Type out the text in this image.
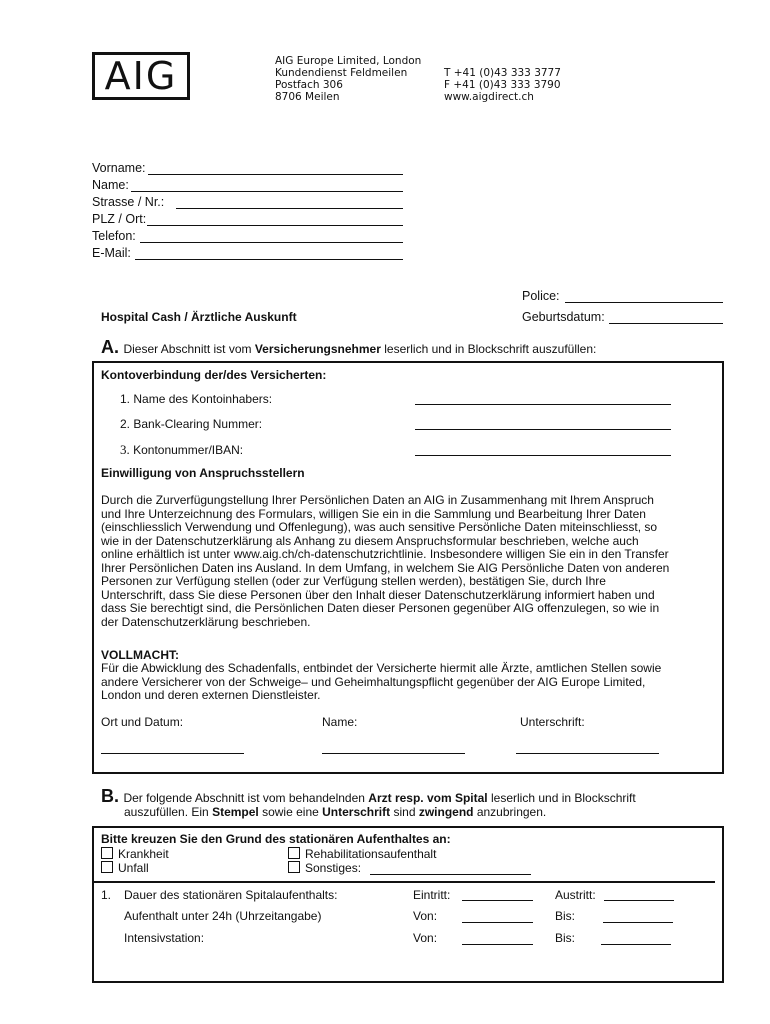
AIG	AIG Europe Limited, London
Kundendienst Feldmeilen
Postfach 306
8706 Meilen
T +41 (0)43 333 3777
F +41 (0)43 333 3790
www.aigdirect.ch
Vorname:
Name:
Strasse / Nr.:
PLZ / Ort:
Telefon:
E-Mail:
Police:
Hospital Cash / Ärztliche Auskunft	Geburtsdatum:
A. Dieser Abschnitt ist vom Versicherungsnehmer leserlich und in Blockschrift auszufüllen:
Kontoverbindung der/des Versicherten:
1. Name des Kontoinhabers:
2. Bank-Clearing Nummer:
3. Kontonummer/IBAN:
Einwilligung von Anspruchsstellern
Durch die Zurverfügungstellung Ihrer Persönlichen Daten an AIG in Zusammenhang mit Ihrem Anspruch
und Ihre Unterzeichnung des Formulars, willigen Sie ein in die Sammlung und Bearbeitung Ihrer Daten
(einschliesslich Verwendung und Offenlegung), was auch sensitive Persönliche Daten miteinschliesst, so
wie in der Datenschutzerklärung als Anhang zu diesem Anspruchsformular beschrieben, welche auch
online erhältlich ist unter www.aig.ch/ch-datenschutzrichtlinie. Insbesondere willigen Sie ein in den Transfer
Ihrer Persönlichen Daten ins Ausland. In dem Umfang, in welchem Sie AIG Persönliche Daten von anderen
Personen zur Verfügung stellen (oder zur Verfügung stellen werden), bestätigen Sie, durch Ihre
Unterschrift, dass Sie diese Personen über den Inhalt dieser Datenschutzerklärung informiert haben und
dass Sie berechtigt sind, die Persönlichen Daten dieser Personen gegenüber AIG offenzulegen, so wie in
der Datenschutzerklärung beschrieben.
VOLLMACHT:
Für die Abwicklung des Schadenfalls, entbindet der Versicherte hiermit alle Ärzte, amtlichen Stellen sowie
andere Versicherer von der Schweige– und Geheimhaltungspflicht gegenüber der AIG Europe Limited,
London und deren externen Dienstleister.
Ort und Datum:	Name:	Unterschrift:
B. Der folgende Abschnitt ist vom behandelnden Arzt resp. vom Spital leserlich und in Blockschrift
auszufüllen. Ein Stempel sowie eine Unterschrift sind zwingend anzubringen.
Bitte kreuzen Sie den Grund des stationären Aufenthaltes an:
Krankheit	Rehabilitationsaufenthalt
Unfall	Sonstiges:
1. Dauer des stationären Spitalaufenthalts:	Eintritt:	Austritt:
Aufenthalt unter 24h (Uhrzeitangabe)	Von:	Bis:
Intensivstation:	Von:	Bis:
